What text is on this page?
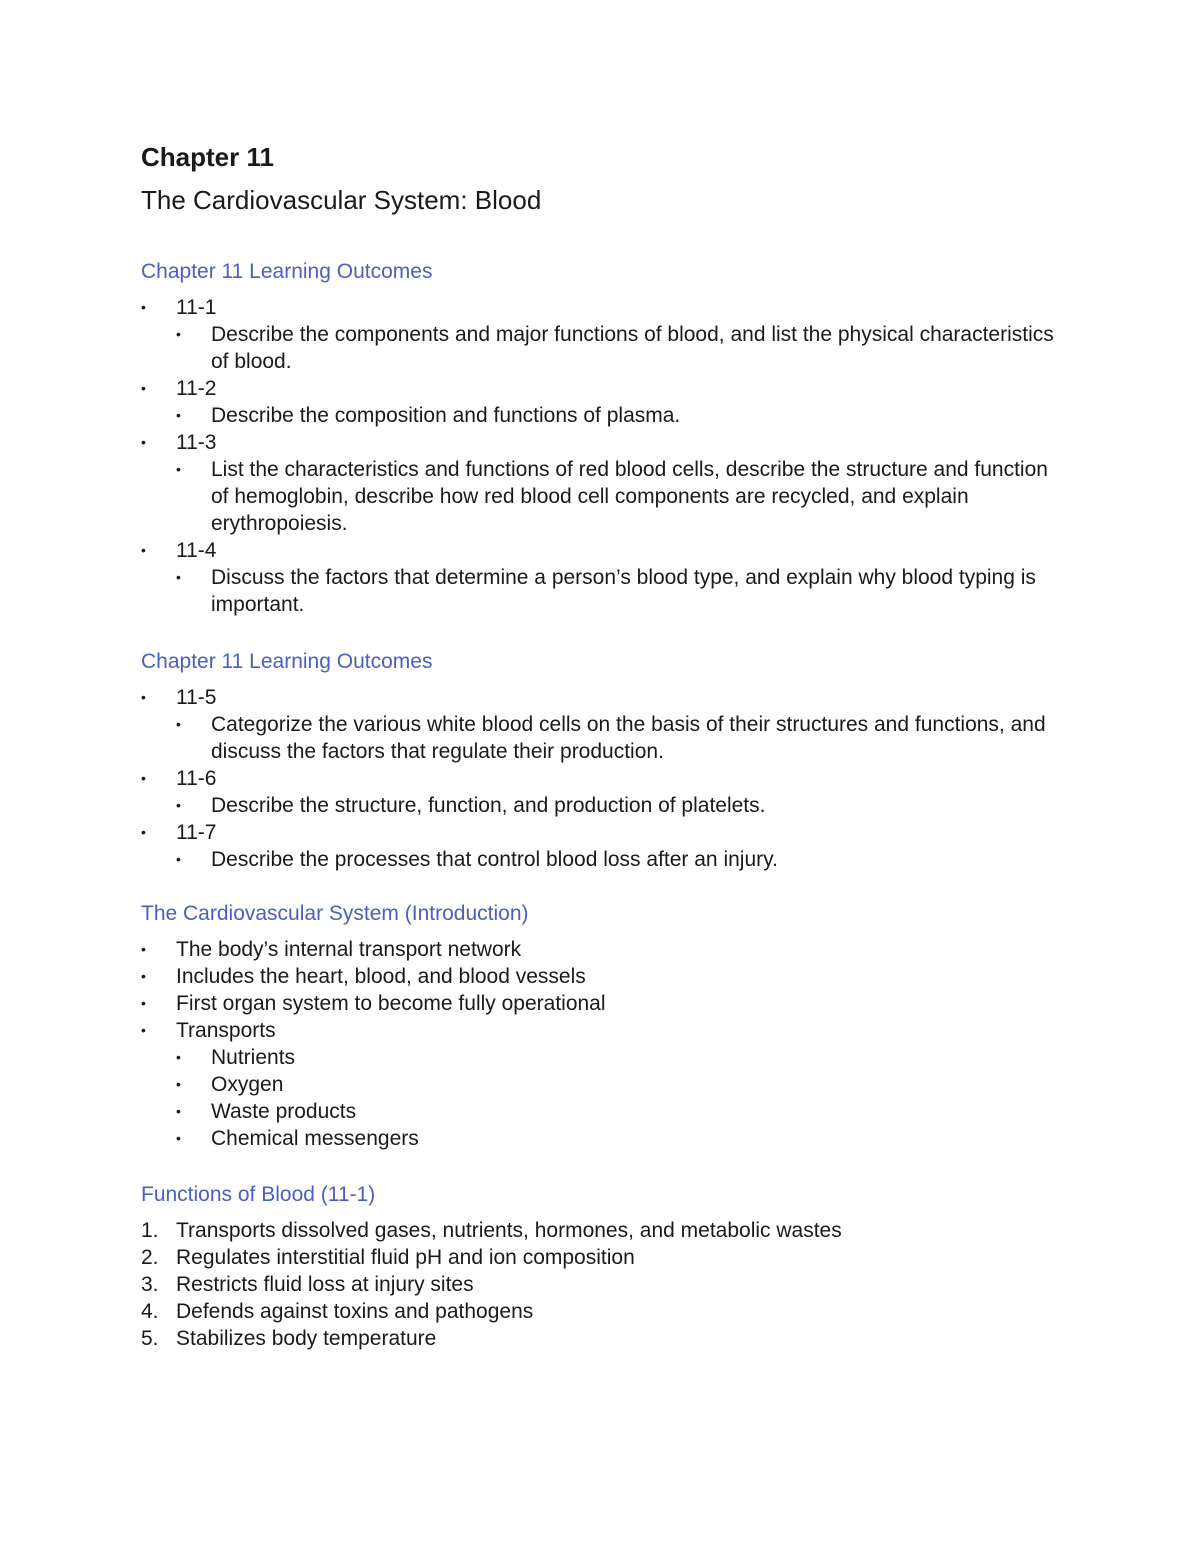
Chapter 11
The Cardiovascular System: Blood
Chapter 11 Learning Outcomes
•	11-1
•	Describe the components and major functions of blood, and list the physical characteristics of blood.
•	11-2
•	Describe the composition and functions of plasma.
•	11-3
•	List the characteristics and functions of red blood cells, describe the structure and function of hemoglobin, describe how red blood cell components are recycled, and explain erythropoiesis.
•	11-4
•	Discuss the factors that determine a person’s blood type, and explain why blood typing is important.
Chapter 11 Learning Outcomes
•	11-5
•	Categorize the various white blood cells on the basis of their structures and functions, and discuss the factors that regulate their production.
•	11-6
•	Describe the structure, function, and production of platelets.
•	11-7
•	Describe the processes that control blood loss after an injury.
The Cardiovascular System (Introduction)
•	The body’s internal transport network
•	Includes the heart, blood, and blood vessels
•	First organ system to become fully operational
•	Transports
•	Nutrients
•	Oxygen
•	Waste products
•	Chemical messengers
Functions of Blood (11-1)
1. Transports dissolved gases, nutrients, hormones, and metabolic wastes
2. Regulates interstitial fluid pH and ion composition
3. Restricts fluid loss at injury sites
4. Defends against toxins and pathogens
5. Stabilizes body temperature
